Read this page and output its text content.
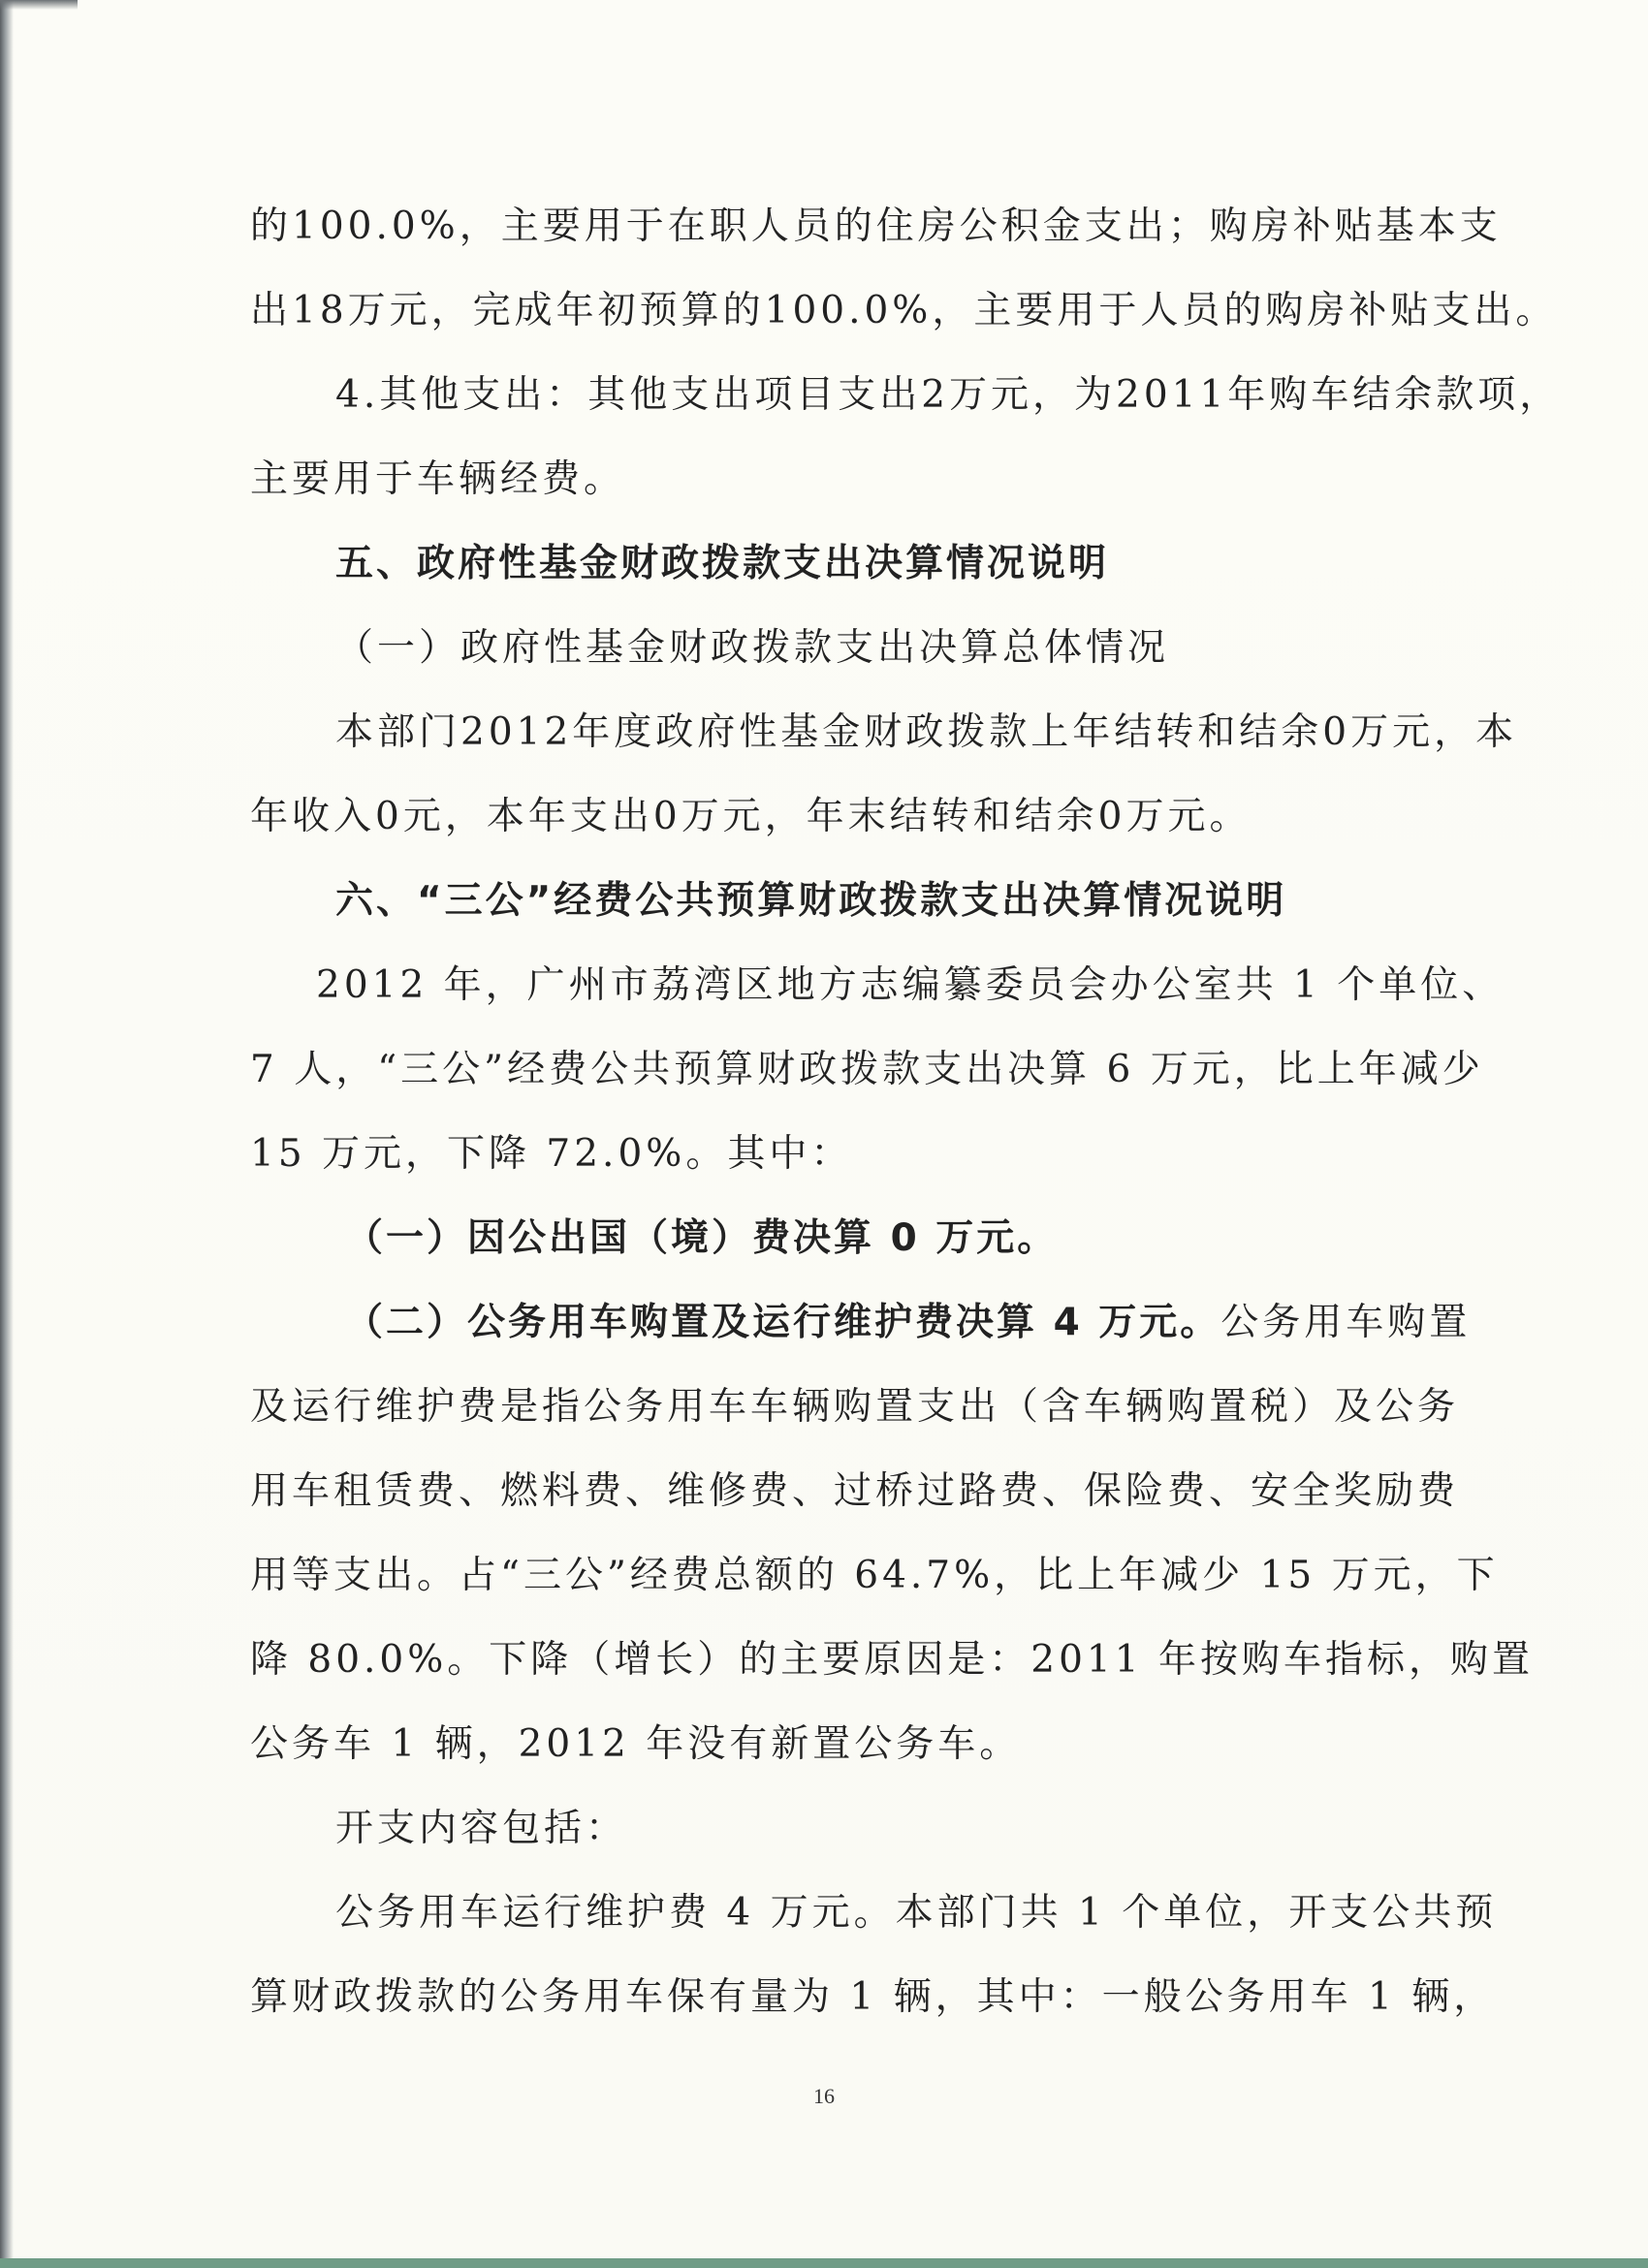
的100.0%，主要用于在职人员的住房公积金支出；购房补贴基本支
出18万元，完成年初预算的100.0%，主要用于人员的购房补贴支出。
4.其他支出：其他支出项目支出2万元，为2011年购车结余款项，
主要用于车辆经费。
五、政府性基金财政拨款支出决算情况说明
（一）政府性基金财政拨款支出决算总体情况
本部门2012年度政府性基金财政拨款上年结转和结余0万元，本
年收入0元，本年支出0万元，年末结转和结余0万元。
六、“三公”经费公共预算财政拨款支出决算情况说明
2012 年，广州市荔湾区地方志编纂委员会办公室共 1 个单位、
7 人，“三公”经费公共预算财政拨款支出决算 6 万元，比上年减少
15 万元，下降 72.0%。其中：
（一）因公出国（境）费决算 0 万元。
（二）公务用车购置及运行维护费决算 4 万元。公务用车购置
及运行维护费是指公务用车车辆购置支出（含车辆购置税）及公务
用车租赁费、燃料费、维修费、过桥过路费、保险费、安全奖励费
用等支出。占“三公”经费总额的 64.7%，比上年减少 15 万元，下
降 80.0%。下降（增长）的主要原因是：2011 年按购车指标，购置
公务车 1 辆，2012 年没有新置公务车。
开支内容包括：
公务用车运行维护费 4 万元。本部门共 1 个单位，开支公共预
算财政拨款的公务用车保有量为 1 辆，其中：一般公务用车 1 辆，
16
